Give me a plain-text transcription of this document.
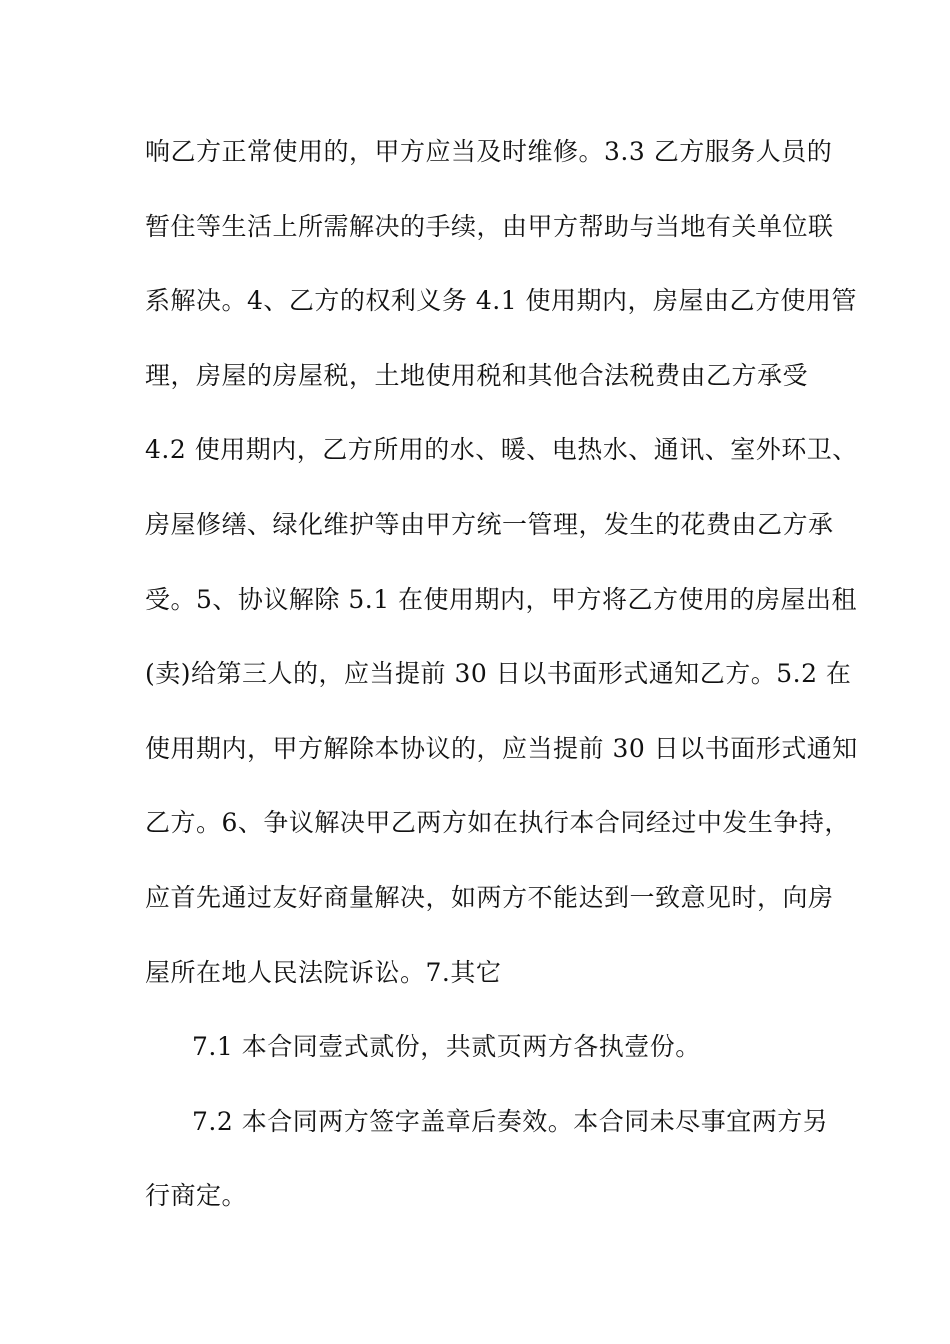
响乙方正常使用的，甲方应当及时维修。3.3 乙方服务人员的
暂住等生活上所需解决的手续，由甲方帮助与当地有关单位联
系解决。4、乙方的权利义务 4.1 使用期内，房屋由乙方使用管
理，房屋的房屋税，土地使用税和其他合法税费由乙方承受
4.2 使用期内，乙方所用的水、暖、电热水、通讯、室外环卫、
房屋修缮、绿化维护等由甲方统一管理，发生的花费由乙方承
受。5、协议解除 5.1 在使用期内，甲方将乙方使用的房屋出租
(卖)给第三人的，应当提前 30 日以书面形式通知乙方。5.2 在
使用期内，甲方解除本协议的，应当提前 30 日以书面形式通知
乙方。6、争议解决甲乙两方如在执行本合同经过中发生争持，
应首先通过友好商量解决，如两方不能达到一致意见时，向房
屋所在地人民法院诉讼。7.其它
7.1 本合同壹式贰份，共贰页两方各执壹份。
7.2 本合同两方签字盖章后奏效。本合同未尽事宜两方另
行商定。
